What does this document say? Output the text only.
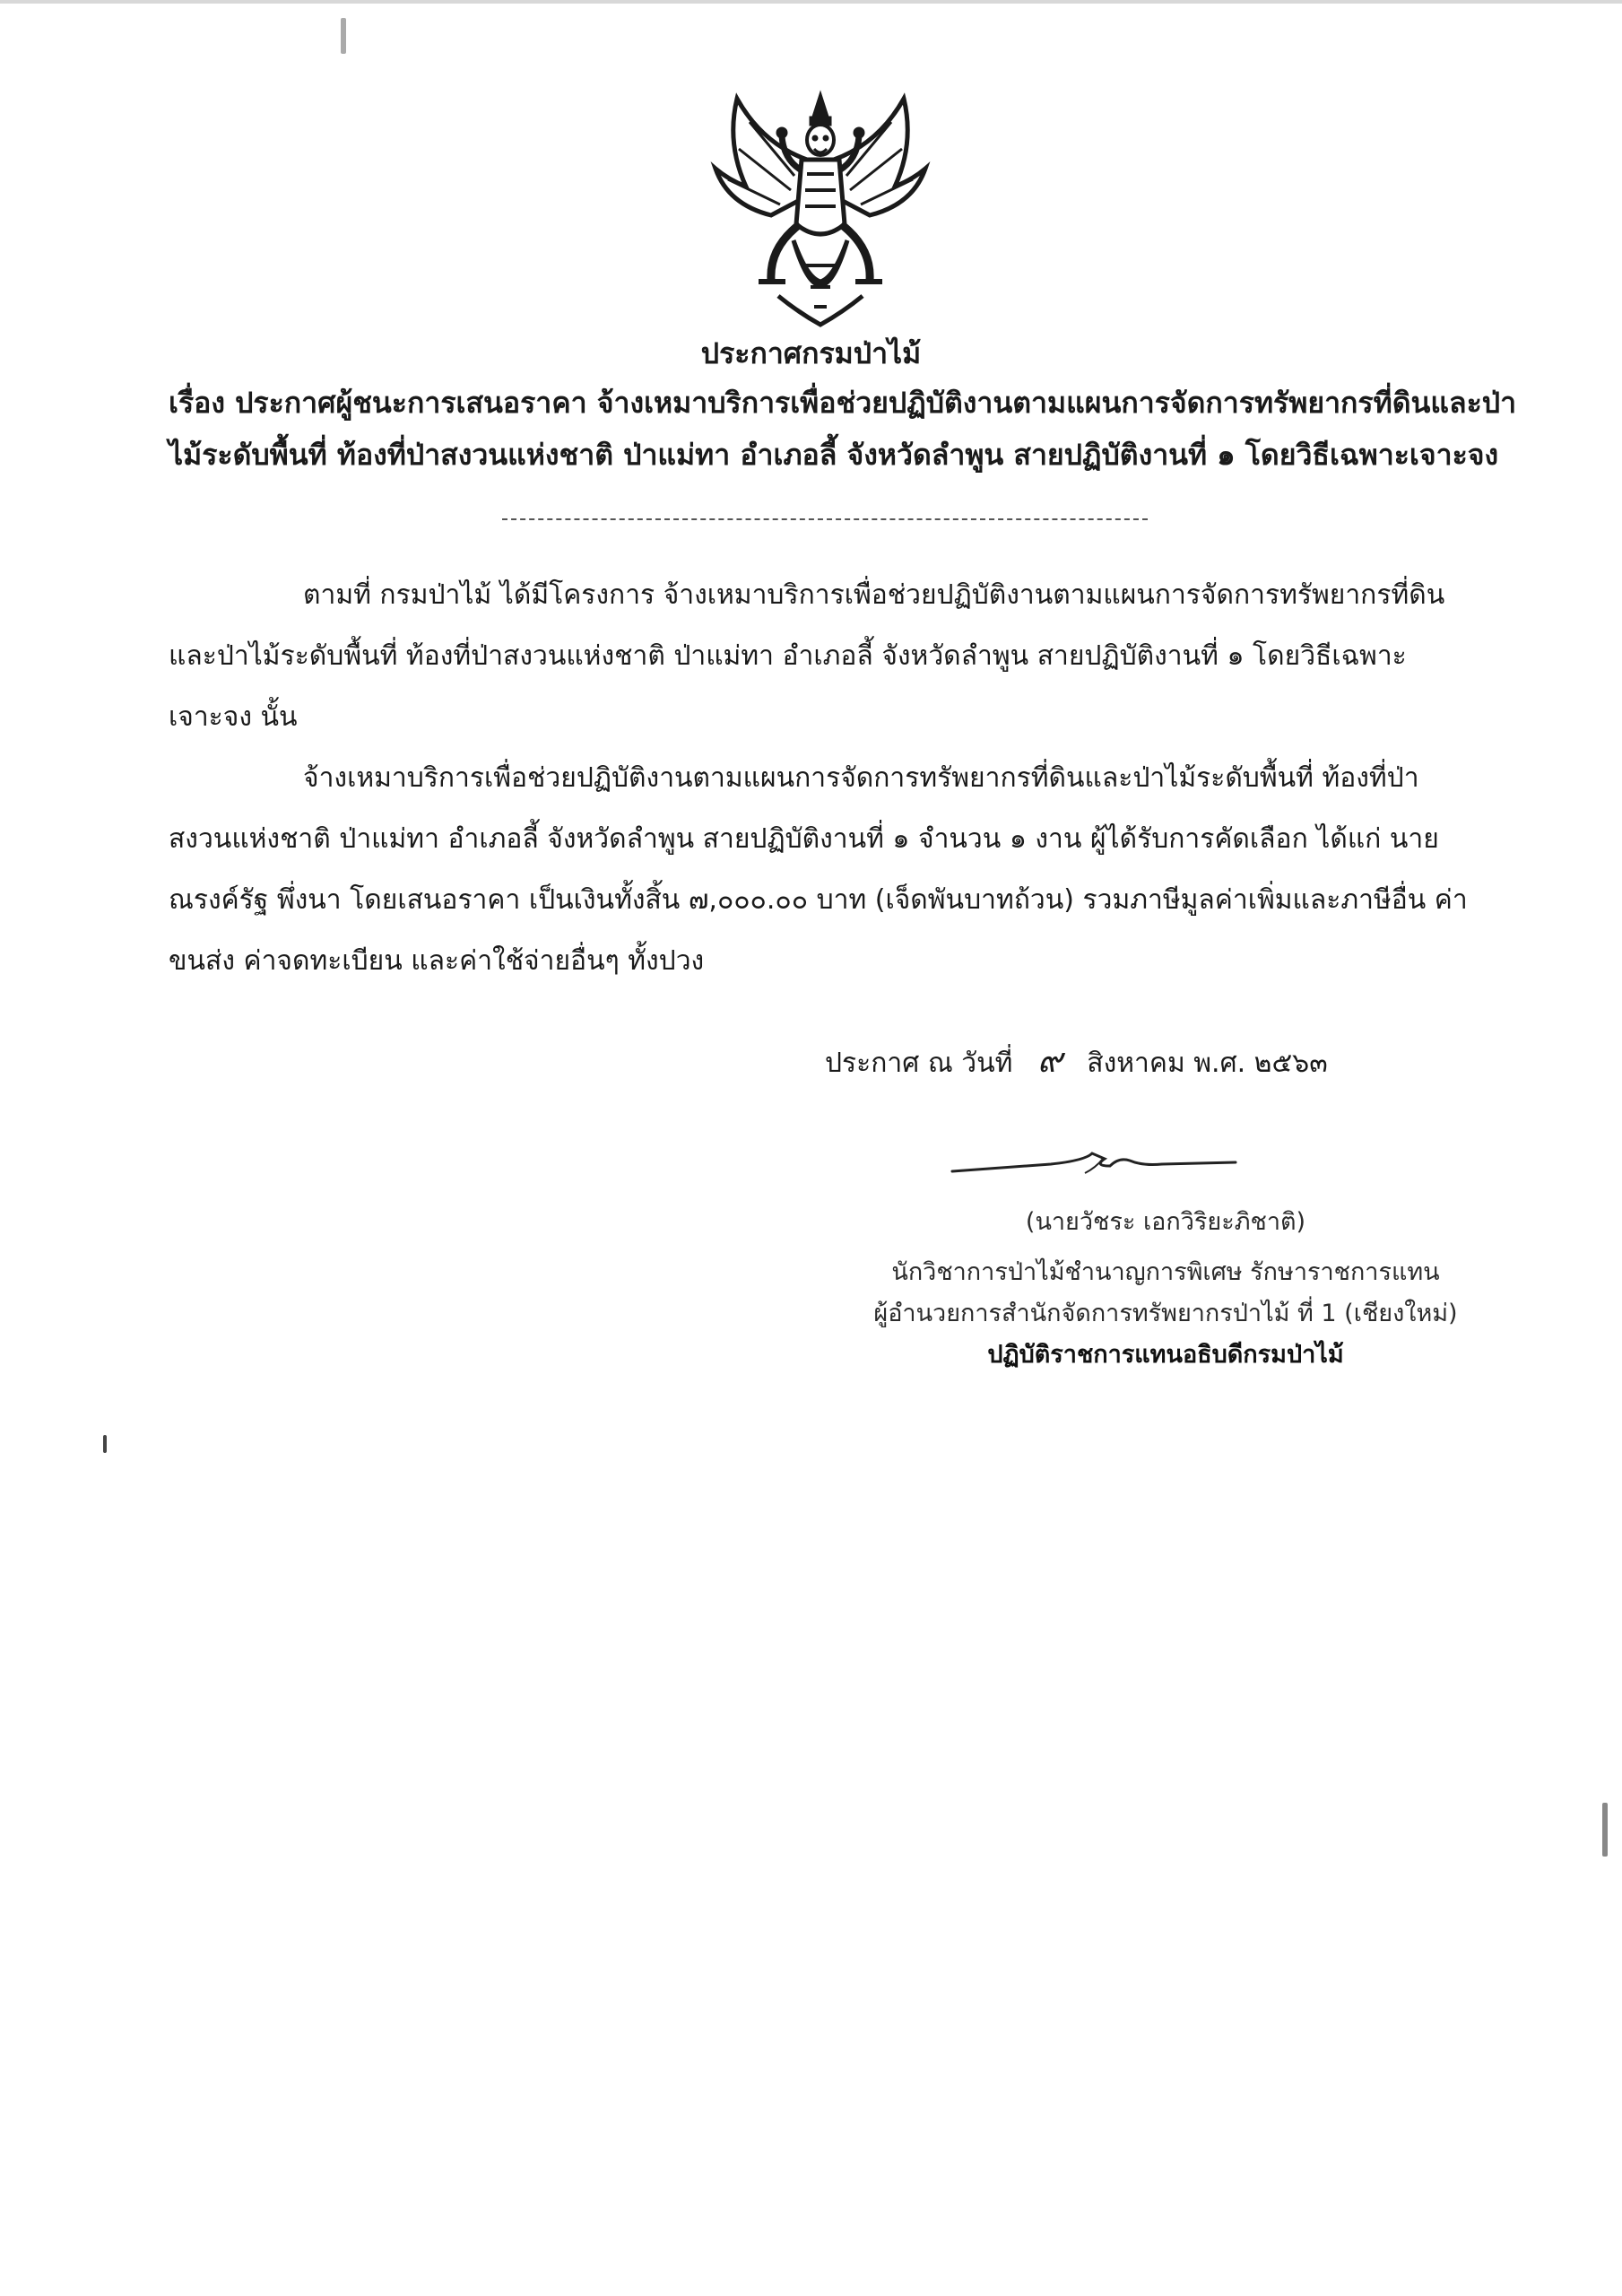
ประกาศกรมป่าไม้
เรื่อง ประกาศผู้ชนะการเสนอราคา จ้างเหมาบริการเพื่อช่วยปฏิบัติงานตามแผนการจัดการทรัพยากรที่ดินและป่า
ไม้ระดับพื้นที่ ท้องที่ป่าสงวนแห่งชาติ ป่าแม่ทา อำเภอลี้ จังหวัดลำพูน สายปฏิบัติงานที่ ๑ โดยวิธีเฉพาะเจาะจง
ตามที่ กรมป่าไม้ ได้มีโครงการ จ้างเหมาบริการเพื่อช่วยปฏิบัติงานตามแผนการจัดการทรัพยากรที่ดิน
และป่าไม้ระดับพื้นที่ ท้องที่ป่าสงวนแห่งชาติ ป่าแม่ทา อำเภอลี้ จังหวัดลำพูน สายปฏิบัติงานที่ ๑ โดยวิธีเฉพาะ
เจาะจง นั้น
จ้างเหมาบริการเพื่อช่วยปฏิบัติงานตามแผนการจัดการทรัพยากรที่ดินและป่าไม้ระดับพื้นที่ ท้องที่ป่า
สงวนแห่งชาติ ป่าแม่ทา อำเภอลี้ จังหวัดลำพูน สายปฏิบัติงานที่ ๑ จำนวน ๑ งาน ผู้ได้รับการคัดเลือก ได้แก่ นาย
ณรงค์รัฐ พึ่งนา โดยเสนอราคา เป็นเงินทั้งสิ้น ๗,๐๐๐.๐๐ บาท (เจ็ดพันบาทถ้วน) รวมภาษีมูลค่าเพิ่มและภาษีอื่น ค่า
ขนส่ง ค่าจดทะเบียน และค่าใช้จ่ายอื่นๆ ทั้งปวง
ประกาศ ณ วันที่ ๙ สิงหาคม พ.ศ. ๒๕๖๓
(นายวัชระ เอกวิริยะภิชาติ)
นักวิชาการป่าไม้ชำนาญการพิเศษ รักษาราชการแทน
ผู้อำนวยการสำนักจัดการทรัพยากรป่าไม้ ที่ 1 (เชียงใหม่)
ปฏิบัติราชการแทนอธิบดีกรมป่าไม้
